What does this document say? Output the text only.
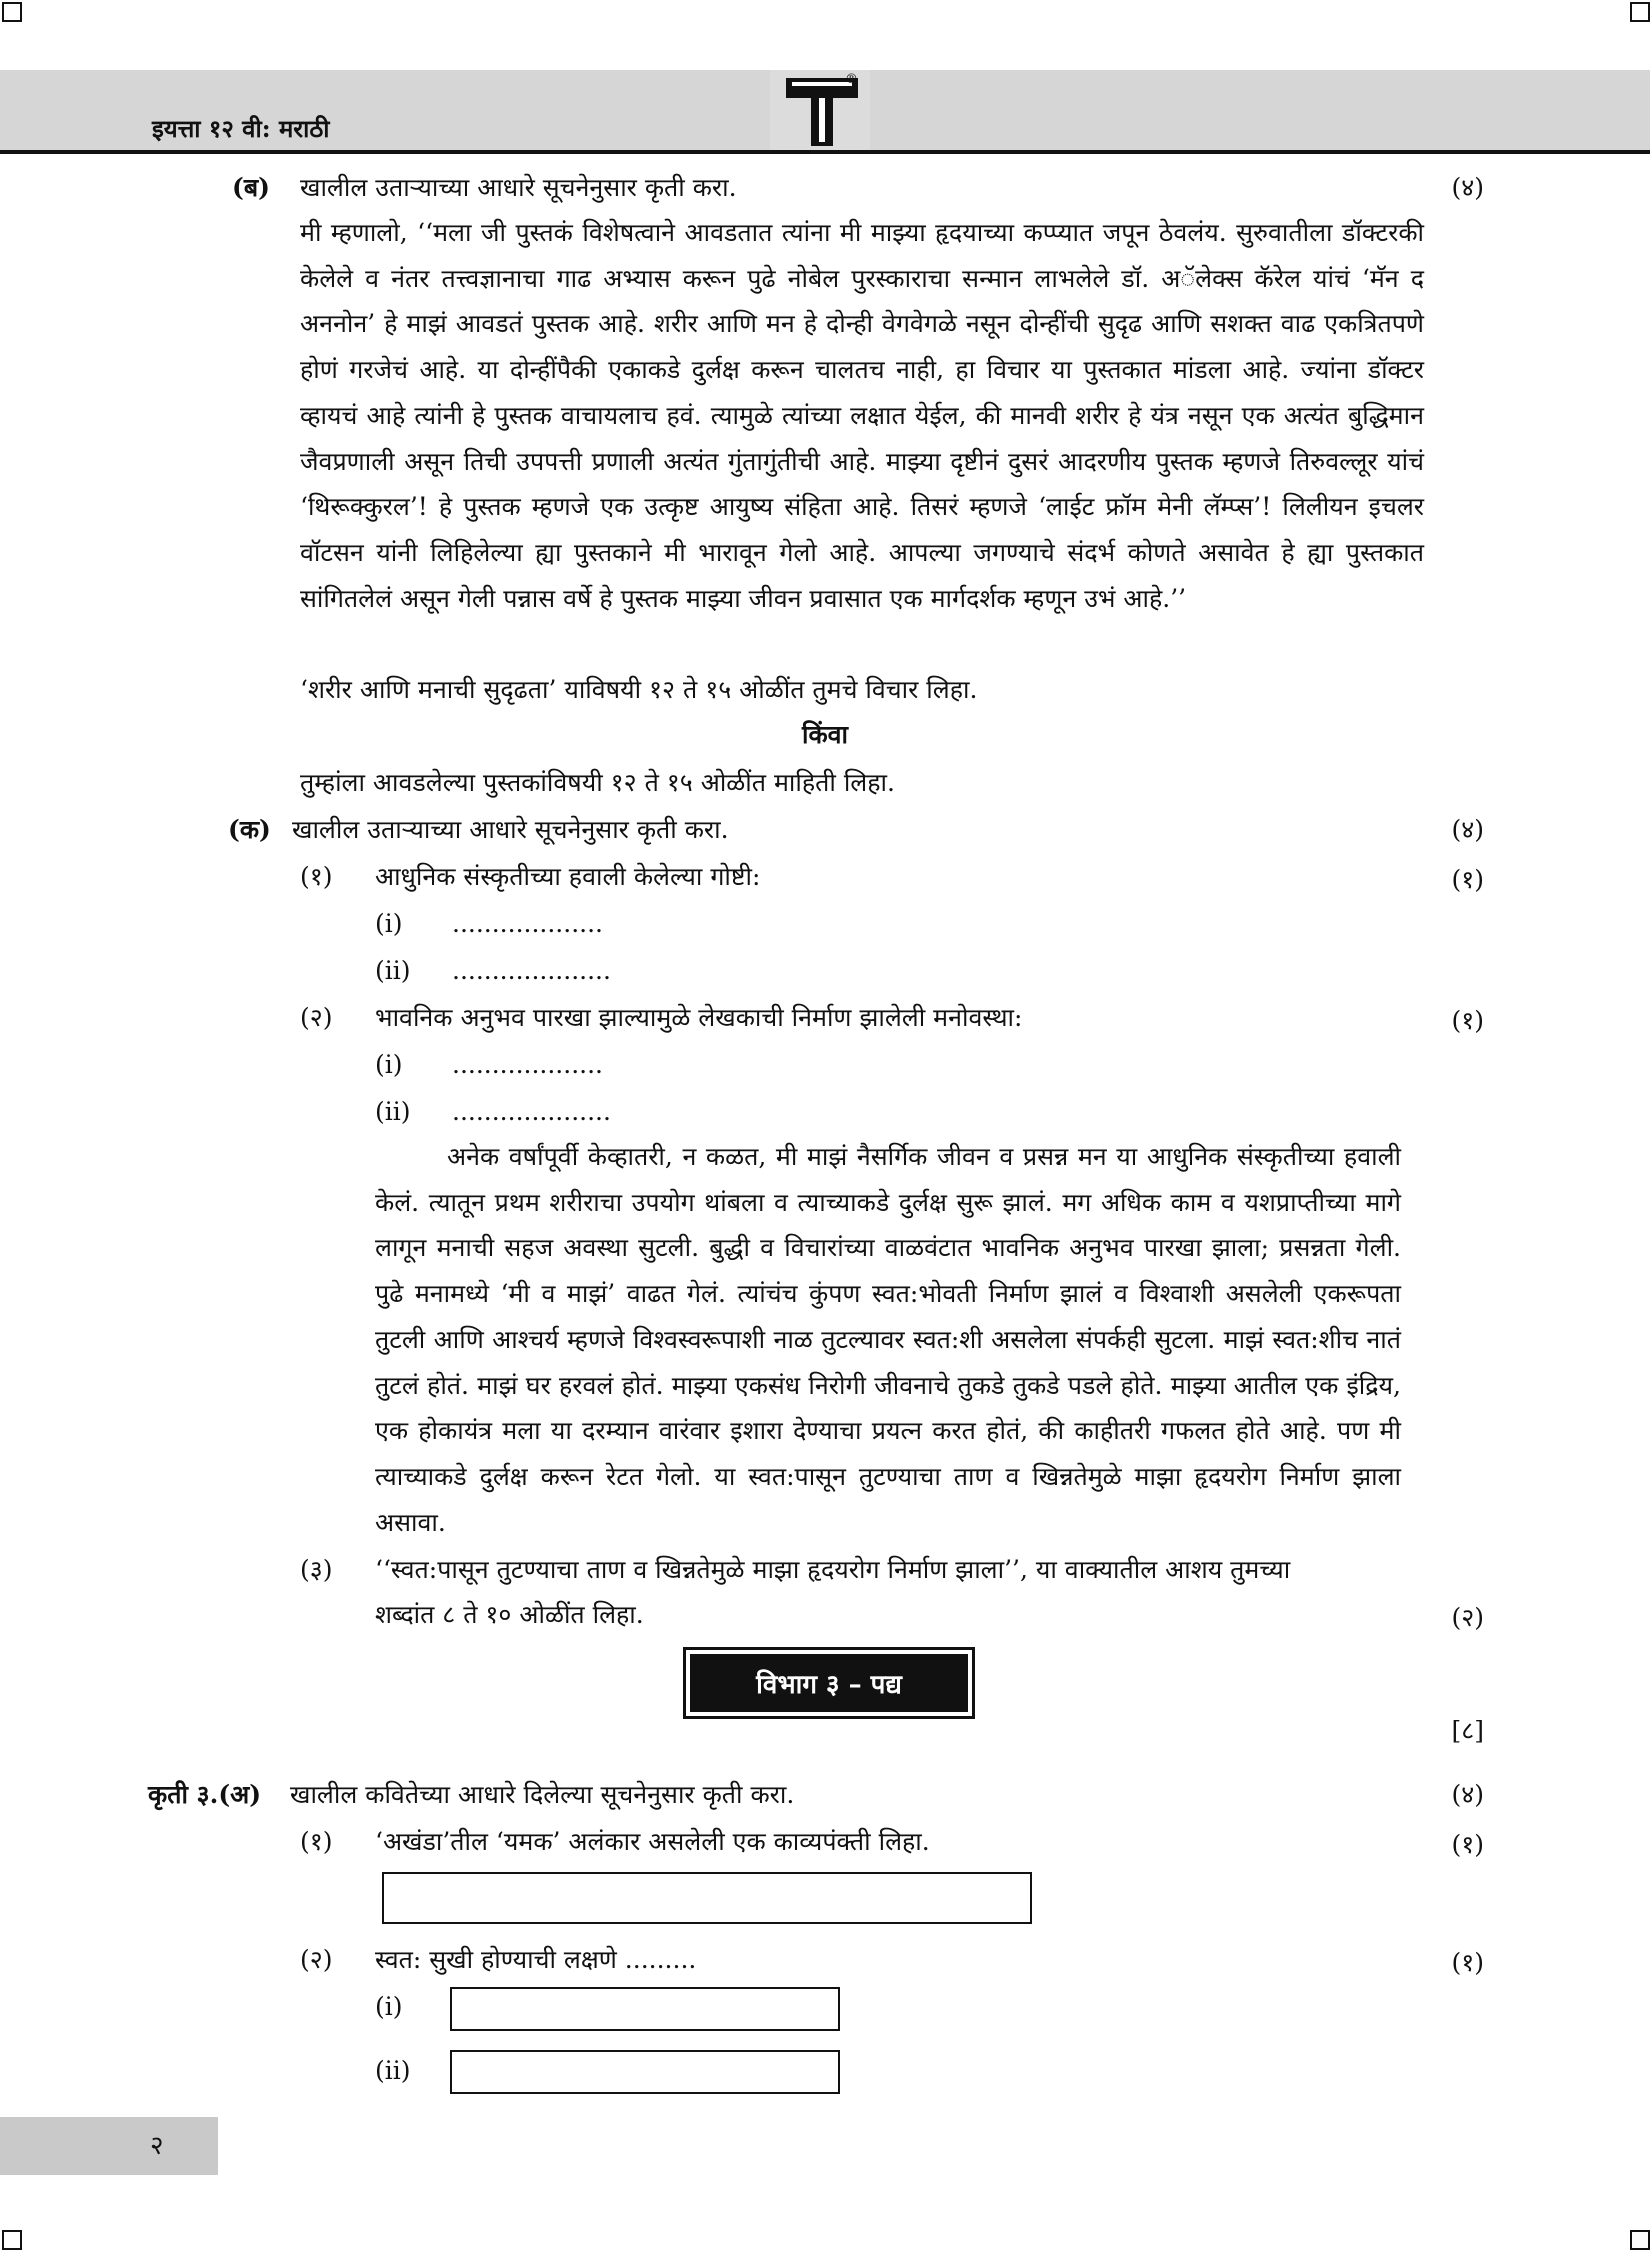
इयत्ता १२ वी: मराठी
®
(ब) खालील उताऱ्याच्या आधारे सूचनेनुसार कृती करा.	(४)
मी म्हणालो, ‘‘मला जी पुस्तकं विशेषत्वाने आवडतात त्यांना मी माझ्या हृदयाच्या कप्प्यात जपून ठेवलंय. सुरुवातीला डॉक्टरकी केलेले व नंतर तत्त्वज्ञानाचा गाढ अभ्यास करून पुढे नोबेल पुरस्काराचा सन्मान लाभलेले डॉ. अॅलेक्स कॅरेल यांचं ‘मॅन द अननोन’ हे माझं आवडतं पुस्तक आहे. शरीर आणि मन हे दोन्ही वेगवेगळे नसून दोन्हींची सुदृढ आणि सशक्त वाढ एकत्रितपणे होणं गरजेचं आहे. या दोन्हींपैकी एकाकडे दुर्लक्ष करून चालतच नाही, हा विचार या पुस्तकात मांडला आहे. ज्यांना डॉक्टर व्हायचं आहे त्यांनी हे पुस्तक वाचायलाच हवं. त्यामुळे त्यांच्या लक्षात येईल, की मानवी शरीर हे यंत्र नसून एक अत्यंत बुद्धिमान जैवप्रणाली असून तिची उपपत्ती प्रणाली अत्यंत गुंतागुंतीची आहे. माझ्या दृष्टीनं दुसरं आदरणीय पुस्तक म्हणजे तिरुवल्लूर यांचं ‘थिरूक्कुरल’! हे पुस्तक म्हणजे एक उत्कृष्ट आयुष्य संहिता आहे. तिसरं म्हणजे ‘लाईट फ्रॉम मेनी लॅम्प्स’! लिलीयन इचलर वॉटसन यांनी लिहिलेल्या ह्या पुस्तकाने मी भारावून गेलो आहे. आपल्या जगण्याचे संदर्भ कोणते असावेत हे ह्या पुस्तकात सांगितलेलं असून गेली पन्नास वर्षे हे पुस्तक माझ्या जीवन प्रवासात एक मार्गदर्शक म्हणून उभं आहे.’’
‘शरीर आणि मनाची सुदृढता’ याविषयी १२ ते १५ ओळींत तुमचे विचार लिहा.
किंवा
तुम्हांला आवडलेल्या पुस्तकांविषयी १२ ते १५ ओळींत माहिती लिहा.
(क) खालील उताऱ्याच्या आधारे सूचनेनुसार कृती करा.	(४)
(१) आधुनिक संस्कृतीच्या हवाली केलेल्या गोष्टी:	(१)
(i) ...................
(ii) ....................
(२) भावनिक अनुभव पारखा झाल्यामुळे लेखकाची निर्माण झालेली मनोवस्था:	(१)
(i) ...................
(ii) ....................
अनेक वर्षांपूर्वी केव्हातरी, न कळत, मी माझं नैसर्गिक जीवन व प्रसन्न मन या आधुनिक संस्कृतीच्या हवाली केलं. त्यातून प्रथम शरीराचा उपयोग थांबला व त्याच्याकडे दुर्लक्ष सुरू झालं. मग अधिक काम व यशप्राप्तीच्या मागे लागून मनाची सहज अवस्था सुटली. बुद्धी व विचारांच्या वाळवंटात भावनिक अनुभव पारखा झाला; प्रसन्नता गेली. पुढे मनामध्ये ‘मी व माझं’ वाढत गेलं. त्यांचंच कुंपण स्वत:भोवती निर्माण झालं व विश्वाशी असलेली एकरूपता तुटली आणि आश्चर्य म्हणजे विश्वस्वरूपाशी नाळ तुटल्यावर स्वत:शी असलेला संपर्कही सुटला. माझं स्वत:शीच नातं तुटलं होतं. माझं घर हरवलं होतं. माझ्या एकसंध निरोगी जीवनाचे तुकडे तुकडे पडले होते. माझ्या आतील एक इंद्रिय, एक होकायंत्र मला या दरम्यान वारंवार इशारा देण्याचा प्रयत्न करत होतं, की काहीतरी गफलत होते आहे. पण मी त्याच्याकडे दुर्लक्ष करून रेटत गेलो. या स्वत:पासून तुटण्याचा ताण व खिन्नतेमुळे माझा हृदयरोग निर्माण झाला असावा.
(३) ‘‘स्वत:पासून तुटण्याचा ताण व खिन्नतेमुळे माझा हृदयरोग निर्माण झाला’’, या वाक्यातील आशय तुमच्या
शब्दांत ८ ते १० ओळींत लिहा.	(२)
विभाग ३ – पद्य
[८]
कृती ३.(अ) खालील कवितेच्या आधारे दिलेल्या सूचनेनुसार कृती करा.	(४)
(१) ‘अखंडा’तील ‘यमक’ अलंकार असलेली एक काव्यपंक्ती लिहा.	(१)
(२) स्वत: सुखी होण्याची लक्षणे .........	(१)
(i)
(ii)
२
